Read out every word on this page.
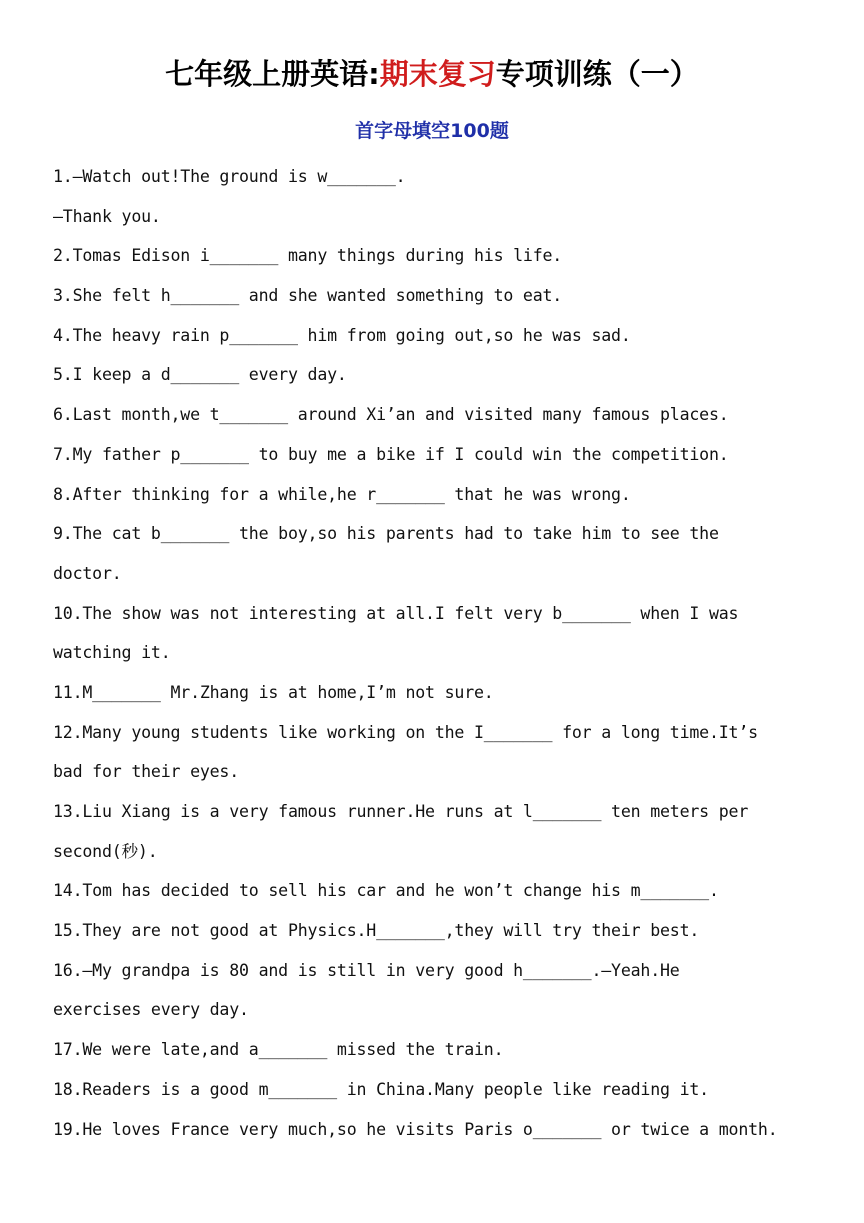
七年级上册英语:期末复习专项训练（一）
首字母填空100题
1.—Watch out!The ground is w_______.
—Thank you.
2.Tomas Edison i_______ many things during his life.
3.She felt h_______ and she wanted something to eat.
4.The heavy rain p_______ him from going out,so he was sad.
5.I keep a d_______ every day.
6.Last month,we t_______ around Xi’an and visited many famous places.
7.My father p_______ to buy me a bike if I could win the competition.
8.After thinking for a while,he r_______ that he was wrong.
9.The cat b_______ the boy,so his parents had to take him to see the
doctor.
10.The show was not interesting at all.I felt very b_______ when I was
watching it.
11.M_______ Mr.Zhang is at home,I’m not sure.
12.Many young students like working on the I_______ for a long time.It’s
bad for their eyes.
13.Liu Xiang is a very famous runner.He runs at l_______ ten meters per
second(秒).
14.Tom has decided to sell his car and he won’t change his m_______.
15.They are not good at Physics.H_______,they will try their best.
16.—My grandpa is 80 and is still in very good h_______.—Yeah.He
exercises every day.
17.We were late,and a_______ missed the train.
18.Readers is a good m_______ in China.Many people like reading it.
19.He loves France very much,so he visits Paris o_______ or twice a month.
